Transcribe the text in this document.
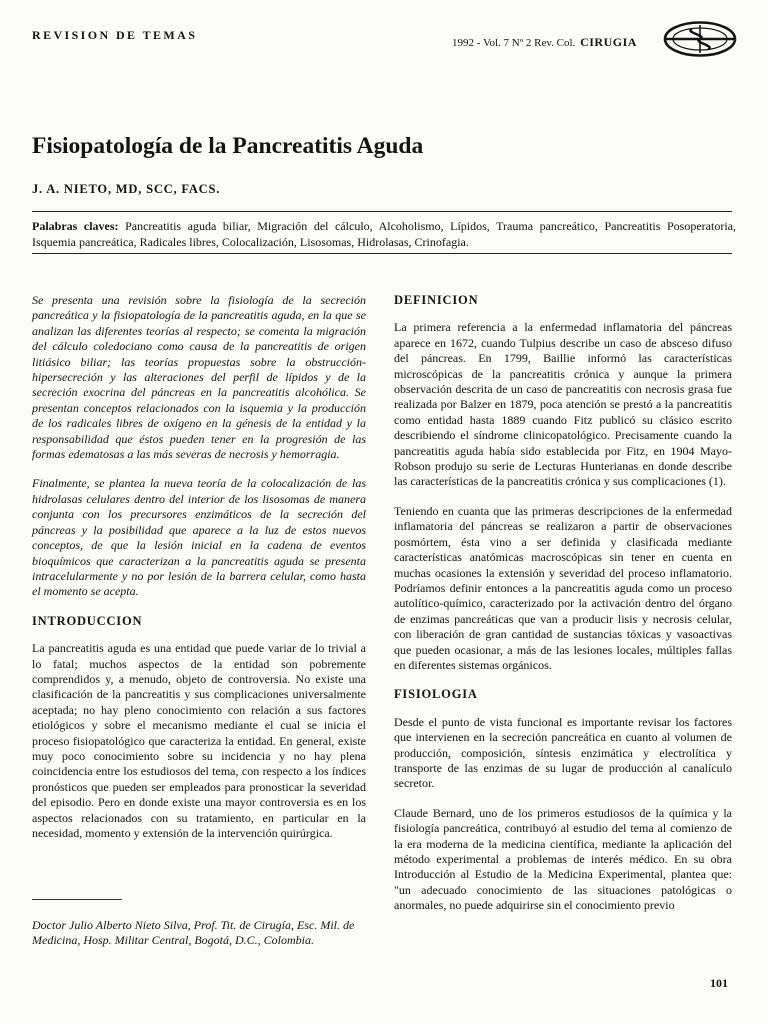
REVISION DE TEMAS
1992 - Vol. 7 Nº 2 Rev. Col. CIRUGIA
Fisiopatología de la Pancreatitis Aguda

J. A. NIETO, MD, SCC, FACS.

Palabras claves: Pancreatitis aguda biliar, Migración del cálculo, Alcoholismo, Lípidos, Trauma pancreático, Pancreatitis Posoperatoria, Isquemia pancreática, Radicales libres, Colocalización, Lisosomas, Hidrolasas, Crinofagia.

Se presenta una revisión sobre la fisiología de la secreción pancreática y la fisiopatología de la pancreatitis aguda, en la que se analizan las diferentes teorías al respecto; se comenta la migración del cálculo coledociano como causa de la pancreatitis de origen litiásico biliar; las teorías propuestas sobre la obstrucción-hipersecreción y las alteraciones del perfil de lípidos y de la secreción exocrina del páncreas en la pancreatitis alcohólica. Se presentan conceptos relacionados con la isquemia y la producción de los radicales libres de oxígeno en la génesis de la entidad y la responsabilidad que éstos pueden tener en la progresión de las formas edematosas a las más severas de necrosis y hemorragia.

Finalmente, se plantea la nueva teoría de la colocalización de las hidrolasas celulares dentro del interior de los lisosomas de manera conjunta con los precursores enzimáticos de la secreción del páncreas y la posibilidad que aparece a la luz de estos nuevos conceptos, de que la lesión inicial en la cadena de eventos bioquímicos que caracterizan a la pancreatitis aguda se presenta intracelularmente y no por lesión de la barrera celular, como hasta el momento se acepta.

INTRODUCCION

La pancreatitis aguda es una entidad que puede variar de lo trivial a lo fatal; muchos aspectos de la entidad son pobremente comprendidos y, a menudo, objeto de controversia. No existe una clasificación de la pancreatitis y sus complicaciones universalmente aceptada; no hay pleno conocimiento con relación a sus factores etiológicos y sobre el mecanismo mediante el cual se inicia el proceso fisiopatológico que caracteriza la entidad. En general, existe muy poco conocimiento sobre su incidencia y no hay plena coincidencia entre los estudiosos del tema, con respecto a los índices pronósticos que pueden ser empleados para pronosticar la severidad del episodio. Pero en donde existe una mayor controversia es en los aspectos relacionados con su tratamiento, en particular en la necesidad, momento y extensión de la intervención quirúrgica.

Doctor Julio Alberto Nieto Silva, Prof. Tit. de Cirugía, Esc. Mil. de Medicina, Hosp. Militar Central, Bogotá, D.C., Colombia.

DEFINICION

La primera referencia a la enfermedad inflamatoria del páncreas aparece en 1672, cuando Tulpius describe un caso de absceso difuso del páncreas. En 1799, Baillie informó las características microscópicas de la pancreatitis crónica y aunque la primera observación descrita de un caso de pancreatitis con necrosis grasa fue realizada por Balzer en 1879, poca atención se prestó a la pancreatitis como entidad hasta 1889 cuando Fitz publicó su clásico escrito describiendo el síndrome clinicopatológico. Precisamente cuando la pancreatitis aguda había sido establecida por Fitz, en 1904 Mayo-Robson produjo su serie de Lecturas Hunterianas en donde describe las características de la pancreatitis crónica y sus complicaciones (1).

Teniendo en cuanta que las primeras descripciones de la enfermedad inflamatoria del páncreas se realizaron a partir de observaciones posmórtem, ésta vino a ser definida y clasificada mediante características anatómicas macroscópicas sin tener en cuenta en muchas ocasiones la extensión y severidad del proceso inflamatorio. Podríamos definir entonces a la pancreatitis aguda como un proceso autolítico-químico, caracterizado por la activación dentro del órgano de enzimas pancreáticas que van a producir lisis y necrosis celular, con liberación de gran cantidad de sustancias tóxicas y vasoactivas que pueden ocasionar, a más de las lesiones locales, múltiples fallas en diferentes sistemas orgánicos.

FISIOLOGIA

Desde el punto de vista funcional es importante revisar los factores que intervienen en la secreción pancreática en cuanto al volumen de producción, composición, síntesis enzimática y electrolítica y transporte de las enzimas de su lugar de producción al canalículo secretor.

Claude Bernard, uno de los primeros estudiosos de la química y la fisiología pancreática, contribuyó al estudio del tema al comienzo de la era moderna de la medicina científica, mediante la aplicación del método experimental a problemas de interés médico. En su obra Introducción al Estudio de la Medicina Experimental, plantea que: "un adecuado conocimiento de las situaciones patológicas o anormales, no puede adquirirse sin el conocimiento previo

101
